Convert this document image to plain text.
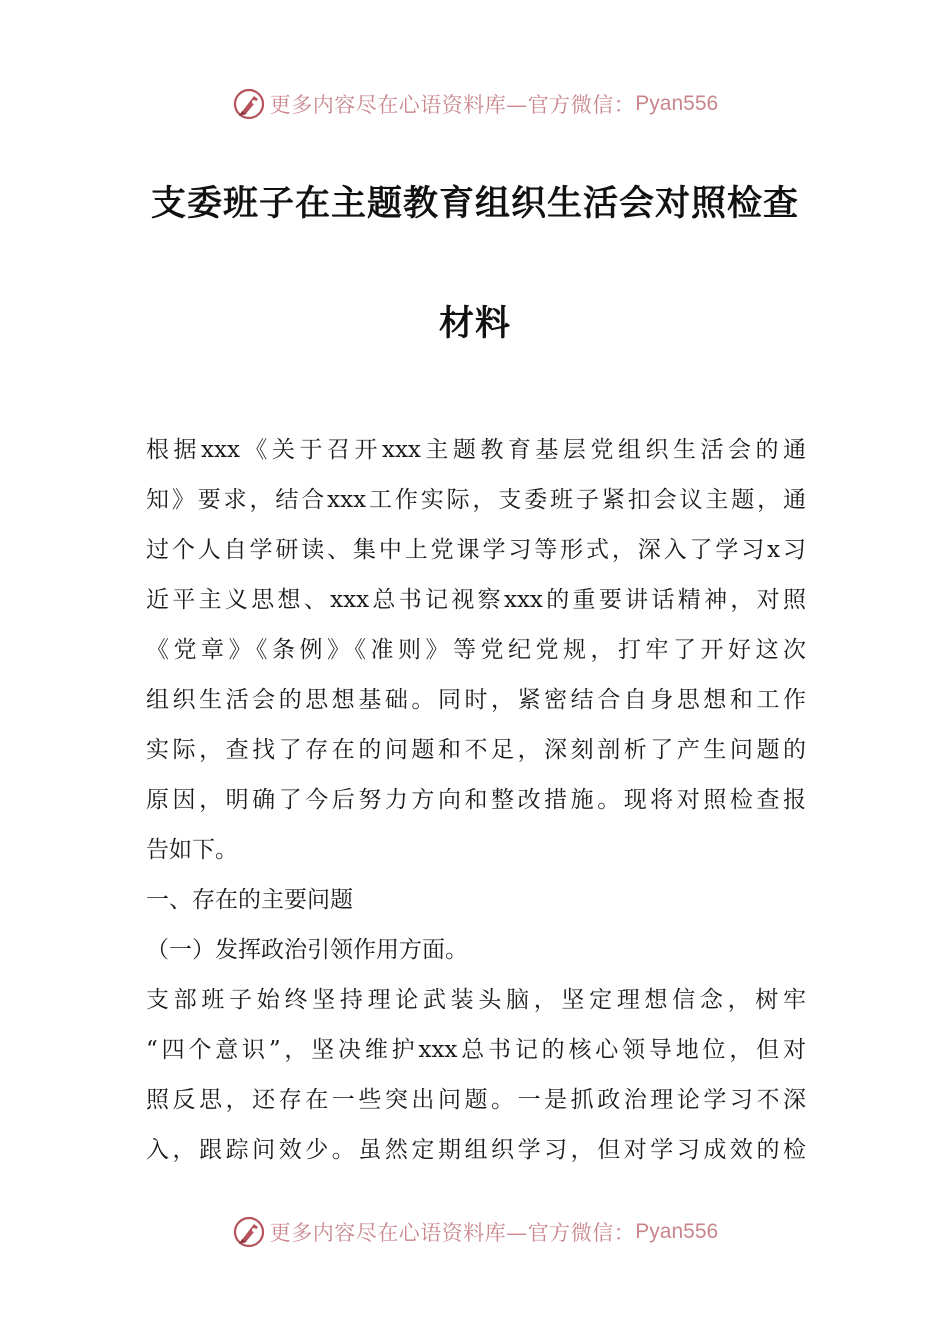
更多内容尽在心语资料库—官方微信： Pyan556
支委班子在主题教育组织生活会对照检查
材料
根据xxx《关于召开xxx主题教育基层党组织生活会的通
知》要求，结合xxx工作实际，支委班子紧扣会议主题，通
过个人自学研读、集中上党课学习等形式，深入了学习x习
近平主义思想、xxx总书记视察xxx的重要讲话精神，对照
《党章》《条例》《准则》等党纪党规，打牢了开好这次
组织生活会的思想基础。同时，紧密结合自身思想和工作
实际，查找了存在的问题和不足，深刻剖析了产生问题的
原因，明确了今后努力方向和整改措施。现将对照检查报
告如下。
一、存在的主要问题
（一）发挥政治引领作用方面。
支部班子始终坚持理论武装头脑，坚定理想信念，树牢
“四个意识”，坚决维护xxx总书记的核心领导地位，但对
照反思，还存在一些突出问题。一是抓政治理论学习不深
入，跟踪问效少。虽然定期组织学习，但对学习成效的检
更多内容尽在心语资料库—官方微信： Pyan556
